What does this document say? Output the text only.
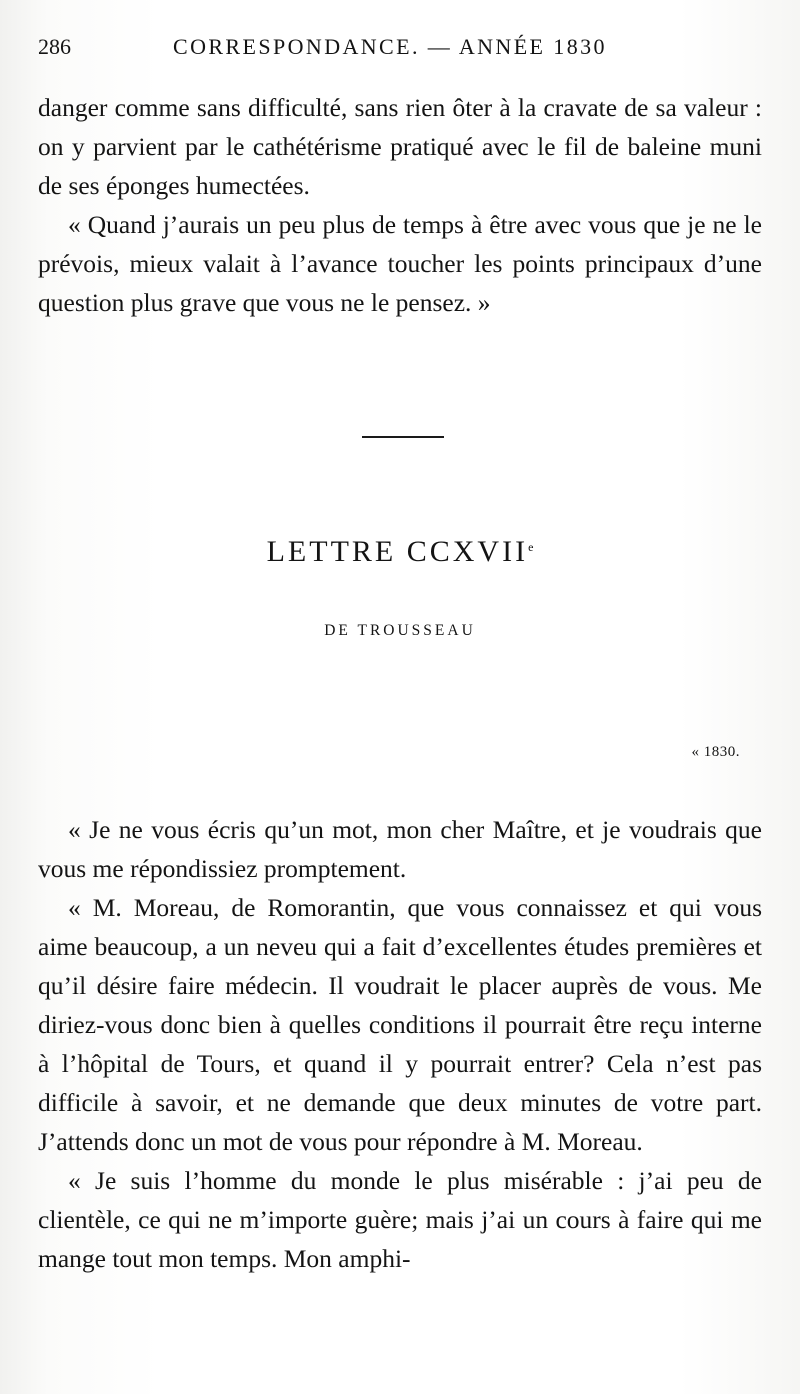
286	CORRESPONDANCE. — ANNÉE 1830

danger comme sans difficulté, sans rien ôter à la cravate de sa valeur : on y parvient par le cathétérisme pratiqué avec le fil de baleine muni de ses éponges humectées.

« Quand j’aurais un peu plus de temps à être avec vous que je ne le prévois, mieux valait à l’avance toucher les points principaux d’une question plus grave que vous ne le pensez. »

LETTRE CCXVIIe
DE TROUSSEAU
« 1830.

« Je ne vous écris qu’un mot, mon cher Maître, et je voudrais que vous me répondissiez promptement.

« M. Moreau, de Romorantin, que vous connaissez et qui vous aime beaucoup, a un neveu qui a fait d’excellentes études premières et qu’il désire faire médecin. Il voudrait le placer auprès de vous. Me diriez-vous donc bien à quelles conditions il pourrait être reçu interne à l’hôpital de Tours, et quand il y pourrait entrer? Cela n’est pas difficile à savoir, et ne demande que deux minutes de votre part. J’attends donc un mot de vous pour répondre à M. Moreau.

« Je suis l’homme du monde le plus misérable : j’ai peu de clientèle, ce qui ne m’importe guère; mais j’ai un cours à faire qui me mange tout mon temps. Mon amphi-
